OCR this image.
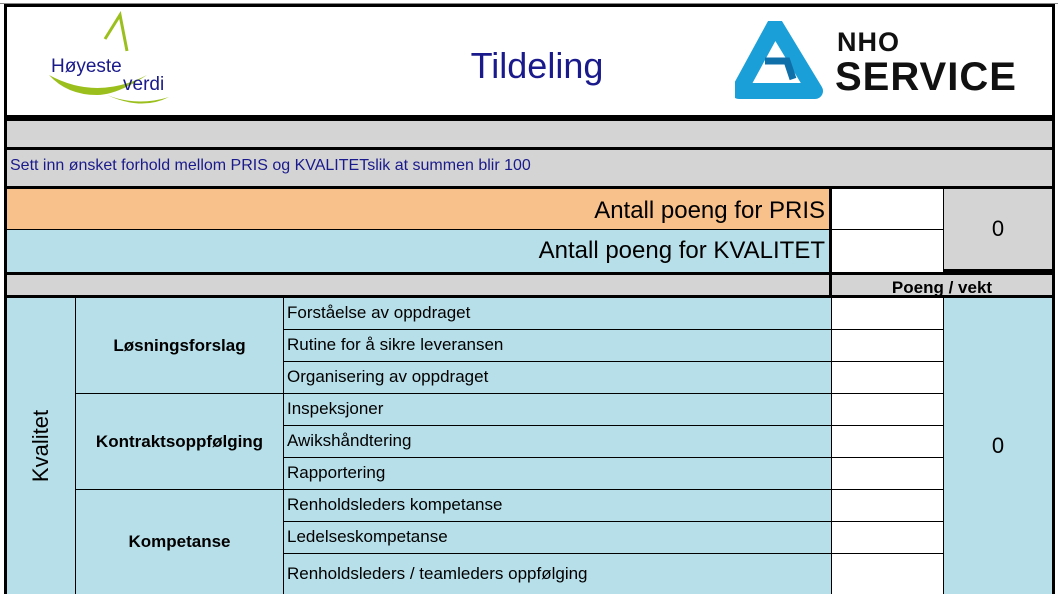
Høyeste
verdi	Tildeling
NHO
SERVICE
Sett inn ønsket forhold mellom PRIS og KVALITETslik at summen blir 100
Antall poeng for PRIS
Antall poeng for KVALITET
0
Poeng / vekt
Kvalitet
Løsningsforslag
Kontraktsoppfølging
Kompetanse
Forståelse av oppdraget
Rutine for å sikre leveransen
Organisering av oppdraget
Inspeksjoner
Awikshåndtering
Rapportering
Renholdsleders kompetanse
Ledelseskompetanse
Renholdsleders / teamleders oppfølging
0
